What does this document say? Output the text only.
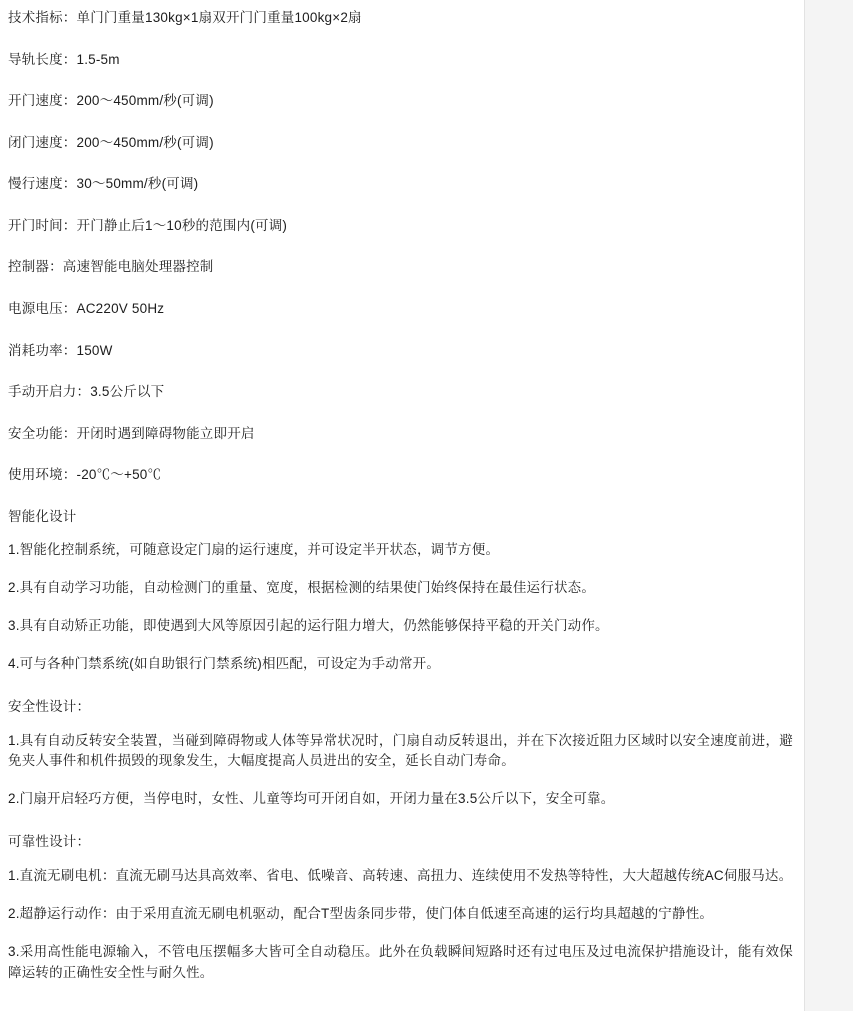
技术指标：单门门重量130kg×1扇双开门门重量100kg×2扇

导轨长度：1.5-5m

开门速度：200～450mm/秒(可调)

闭门速度：200～450mm/秒(可调)

慢行速度：30～50mm/秒(可调)

开门时间：开门静止后1～10秒的范围内(可调)

控制器：高速智能电脑处理器控制

电源电压：AC220V 50Hz

消耗功率：150W

手动开启力：3.5公斤以下

安全功能：开闭时遇到障碍物能立即开启

使用环境：-20℃～+50℃

智能化设计

1.智能化控制系统，可随意设定门扇的运行速度，并可设定半开状态，调节方便。

2.具有自动学习功能，自动检测门的重量、宽度，根据检测的结果使门始终保持在最佳运行状态。

3.具有自动矫正功能，即使遇到大风等原因引起的运行阻力增大，仍然能够保持平稳的开关门动作。

4.可与各种门禁系统(如自助银行门禁系统)相匹配，可设定为手动常开。

安全性设计：

1.具有自动反转安全装置，当碰到障碍物或人体等异常状况时，门扇自动反转退出，并在下次接近阻力区域时以安全速度前进，避免夹人事件和机件损毁的现象发生，大幅度提高人员进出的安全，延长自动门寿命。

2.门扇开启轻巧方便，当停电时，女性、儿童等均可开闭自如，开闭力量在3.5公斤以下，安全可靠。

可靠性设计：

1.直流无刷电机：直流无刷马达具高效率、省电、低噪音、高转速、高扭力、连续使用不发热等特性，大大超越传统AC伺服马达。

2.超静运行动作：由于采用直流无刷电机驱动，配合T型齿条同步带，使门体自低速至高速的运行均具超越的宁静性。

3.采用高性能电源输入，不管电压摆幅多大皆可全自动稳压。此外在负载瞬间短路时还有过电压及过电流保护措施设计，能有效保障运转的正确性安全性与耐久性。
